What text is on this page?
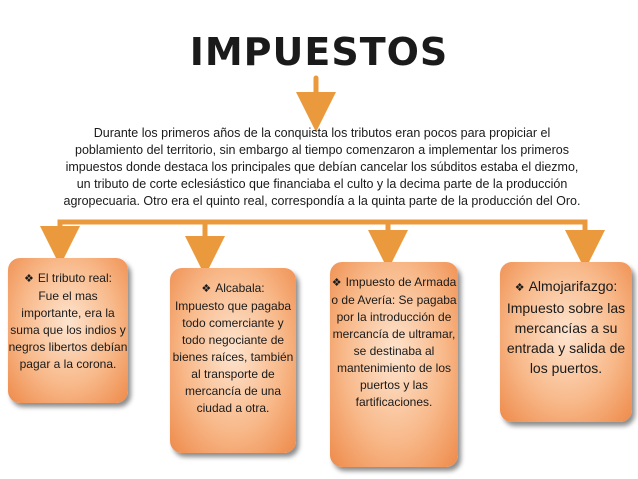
IMPUESTOS
Durante los primeros años de la conquista los tributos eran pocos para propiciar el poblamiento del territorio, sin embargo al tiempo comenzaron a implementar los primeros impuestos donde destaca los principales que debían cancelar los súbditos estaba el diezmo, un tributo de corte eclesiástico que financiaba el culto y la decima parte de la producción agropecuaria. Otro era el quinto real, correspondía a la quinta parte de la producción del Oro.
❖ El tributo real:
Fue el mas importante, era la suma que los indios y negros libertos debían pagar a la corona.
❖ Alcabala:
Impuesto que pagaba todo comerciante y todo negociante de bienes raíces, también al transporte de mercancía de una ciudad a otra.
❖ Impuesto de Armada o de Avería: Se pagaba por la introducción de mercancía de ultramar, se destinaba al mantenimiento de los puertos y las fartificaciones.
❖ Almojarifazgo:
Impuesto sobre las mercancías a su entrada y salida de los puertos.
